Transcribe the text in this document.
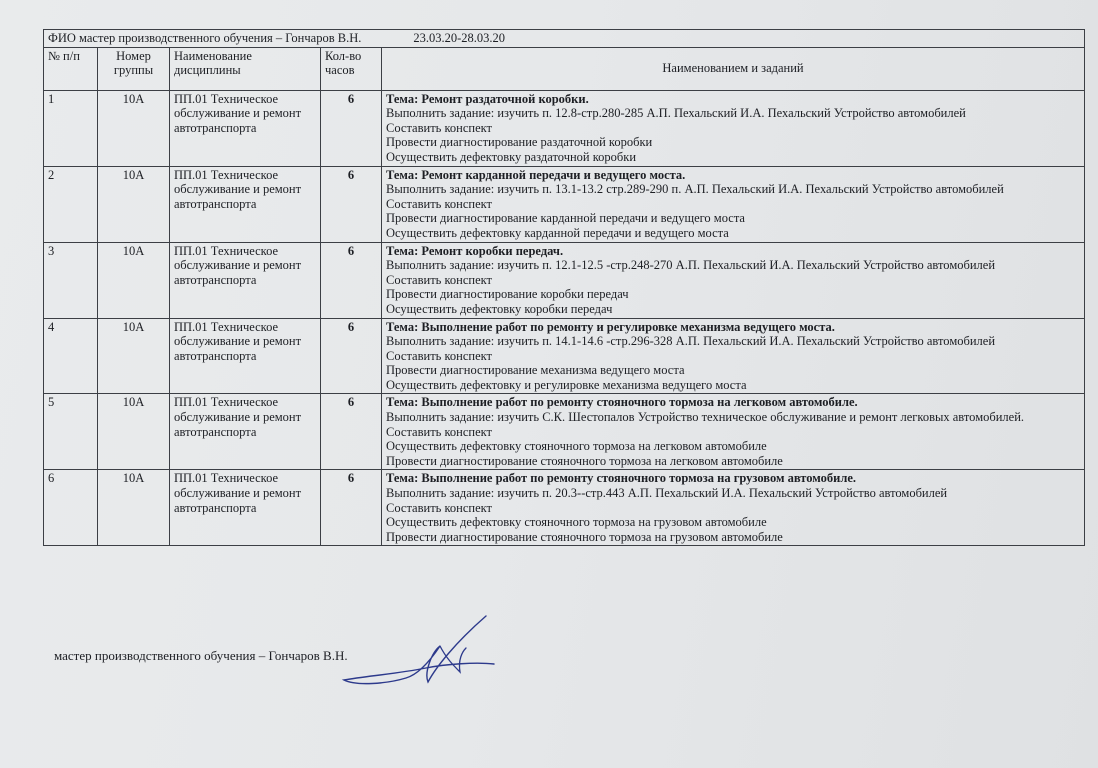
ФИО мастер производственного обучения – Гончаров В.Н. 23.03.20-28.03.20				
№ п/п	Номер группы	Наименование дисциплины	Кол-во часов	Наименованием и заданий
1	10А	ПП.01 Техническое обслуживание и ремонт автотранспорта	6	Тема: Ремонт раздаточной коробки.
Выполнить задание: изучить п. 12.8-стр.280-285 А.П. Пехальский И.А. Пехальский Устройство автомобилей
Составить конспект
Провести диагностирование раздаточной коробки
Осуществить дефектовку раздаточной коробки

2	10А	ПП.01 Техническое обслуживание и ремонт автотранспорта	6	Тема: Ремонт карданной передачи и ведущего моста.
Выполнить задание: изучить п. 13.1-13.2 стр.289-290 п. А.П. Пехальский И.А. Пехальский Устройство автомобилей
Составить конспект
Провести диагностирование карданной передачи и ведущего моста
Осуществить дефектовку карданной передачи и ведущего моста

3	10А	ПП.01 Техническое обслуживание и ремонт автотранспорта	6	Тема: Ремонт коробки передач.
Выполнить задание: изучить п. 12.1-12.5 -стр.248-270 А.П. Пехальский И.А. Пехальский Устройство автомобилей
Составить конспект
Провести диагностирование коробки передач
Осуществить дефектовку коробки передач

4	10А	ПП.01 Техническое обслуживание и ремонт автотранспорта	6	Тема: Выполнение работ по ремонту и регулировке механизма ведущего моста.
Выполнить задание: изучить п. 14.1-14.6 -стр.296-328 А.П. Пехальский И.А. Пехальский Устройство автомобилей
Составить конспект
Провести диагностирование механизма ведущего моста
Осуществить дефектовку и регулировке механизма ведущего моста

5	10А	ПП.01 Техническое обслуживание и ремонт автотранспорта	6	Тема: Выполнение работ по ремонту стояночного тормоза на легковом автомобиле.
Выполнить задание: изучить С.К. Шестопалов Устройство техническое обслуживание и ремонт легковых автомобилей.
Составить конспект
Осуществить дефектовку стояночного тормоза на легковом автомобиле
Провести диагностирование стояночного тормоза на легковом автомобиле

6	10А	ПП.01 Техническое обслуживание и ремонт автотранспорта	6	Тема: Выполнение работ по ремонту стояночного тормоза на грузовом автомобиле.
Выполнить задание: изучить п. 20.3--стр.443 А.П. Пехальский И.А. Пехальский Устройство автомобилей
Составить конспект
Осуществить дефектовку стояночного тормоза на грузовом автомобиле
Провести диагностирование стояночного тормоза на грузовом автомобиле
мастер производственного обучения – Гончаров В.Н.
